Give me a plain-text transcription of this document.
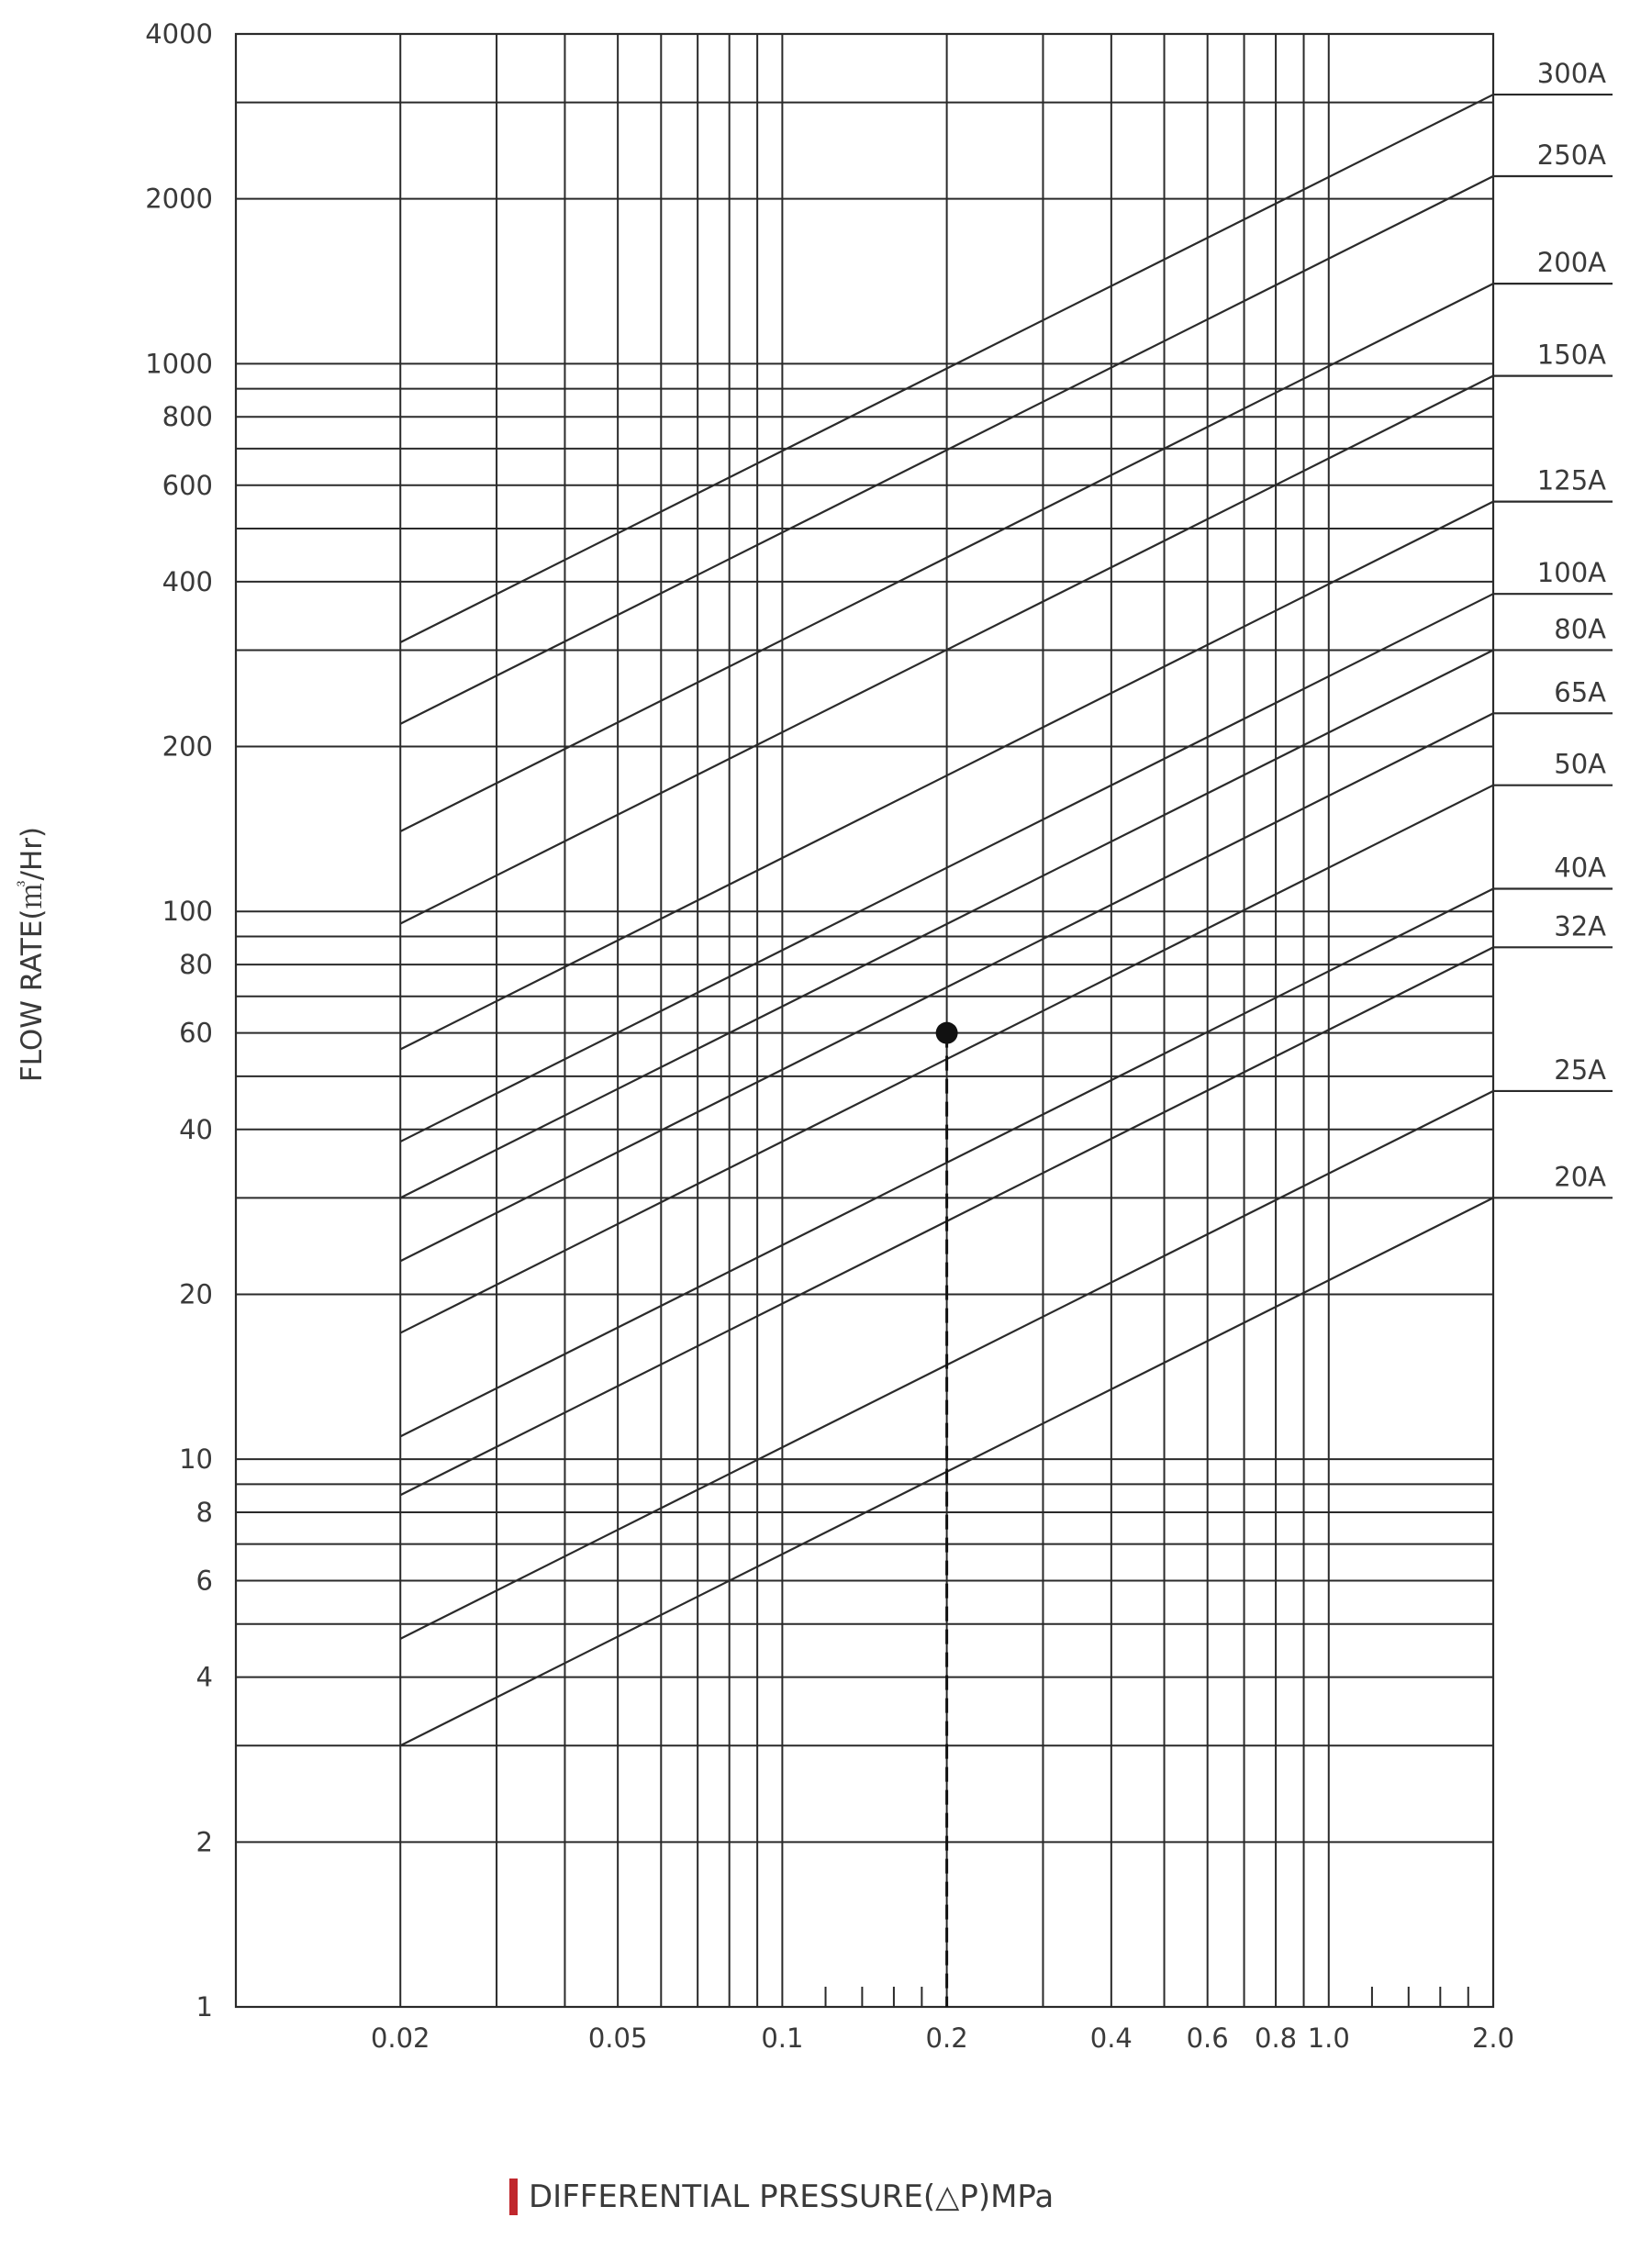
1
2
4
6
8
10
20
40
60
80
100
200
400
600
800
1000
2000
4000
0.02	0.05	0.1	0.2	0.4 0.6 0.8 1.0	2.0
300A
250A
200A
150A
125A
100A
80A
65A
50A
40A
32A
25A
20A
FLOW RATE(㎥/Hr)
DIFFERENTIAL PRESSURE(△P)MPa
